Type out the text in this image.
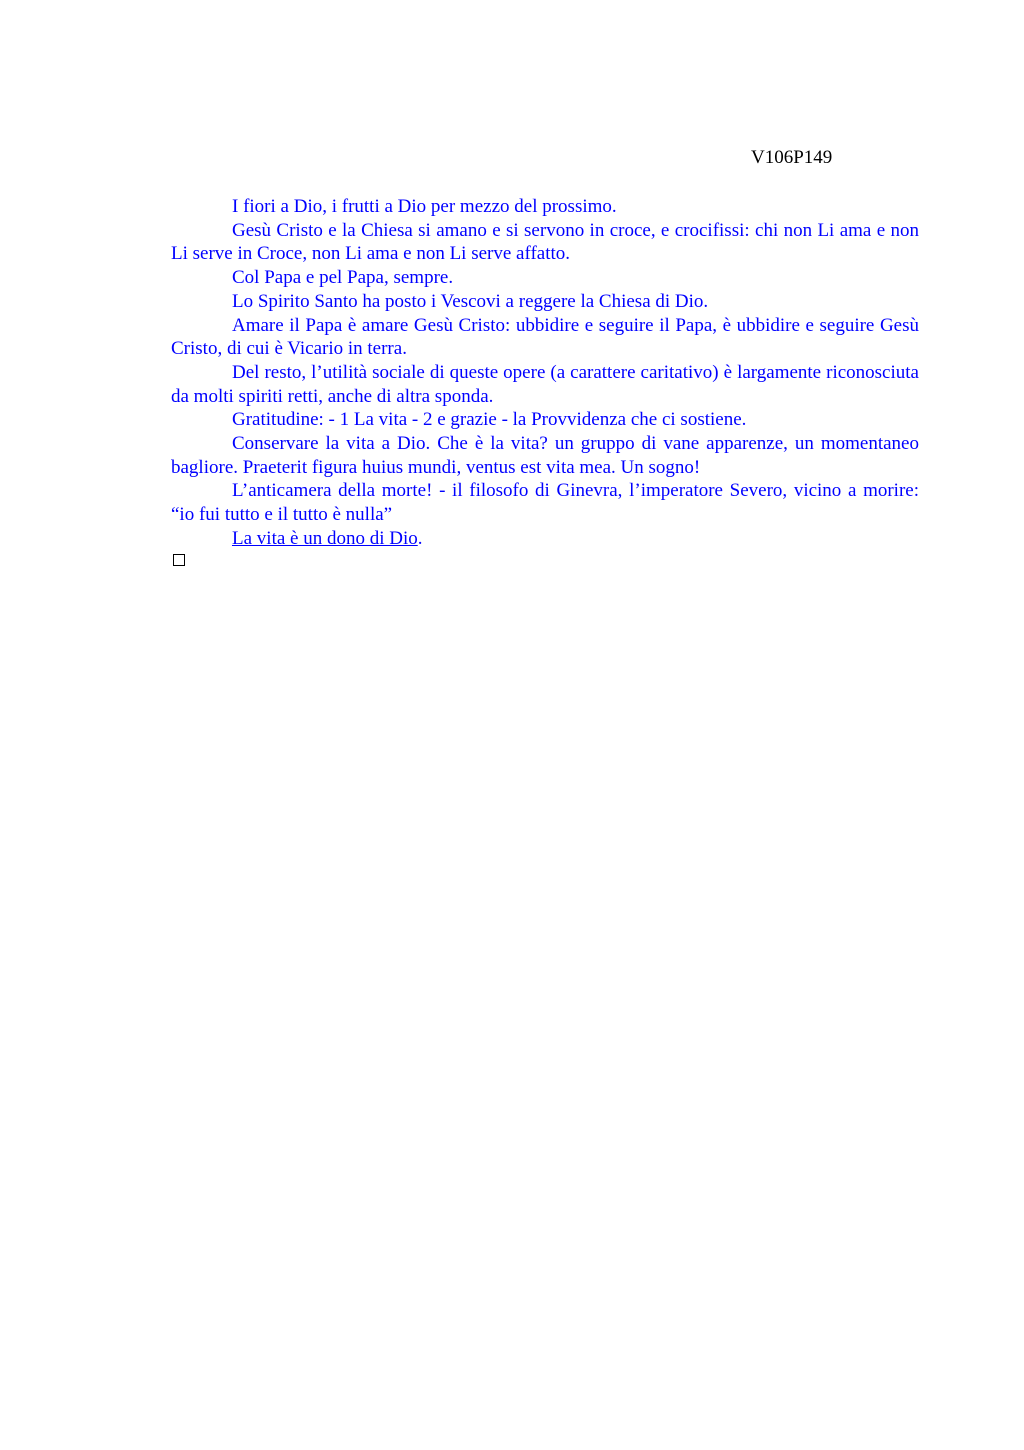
V106P149

I fiori a Dio, i frutti a Dio per mezzo del prossimo.

Gesù Cristo e la Chiesa si amano e si servono in croce, e crocifissi: chi non Li ama e non Li serve in Croce, non Li ama e non Li serve affatto.

Col Papa e pel Papa, sempre.

Lo Spirito Santo ha posto i Vescovi a reggere la Chiesa di Dio.

Amare il Papa è amare Gesù Cristo: ubbidire e seguire il Papa, è ubbidire e seguire Gesù Cristo, di cui è Vicario in terra.

Del resto, l’utilità sociale di queste opere (a carattere caritativo) è largamente riconosciuta da molti spiriti retti, anche di altra sponda.

Gratitudine: - 1 La vita - 2 e grazie - la Provvidenza che ci sostiene.

Conservare la vita a Dio. Che è la vita? un gruppo di vane apparenze, un momentaneo bagliore. Praeterit figura huius mundi, ventus est vita mea. Un sogno!

L’anticamera della morte! - il filosofo di Ginevra, l’imperatore Severo, vicino a morire: “io fui tutto e il tutto è nulla”

La vita è un dono di Dio.
